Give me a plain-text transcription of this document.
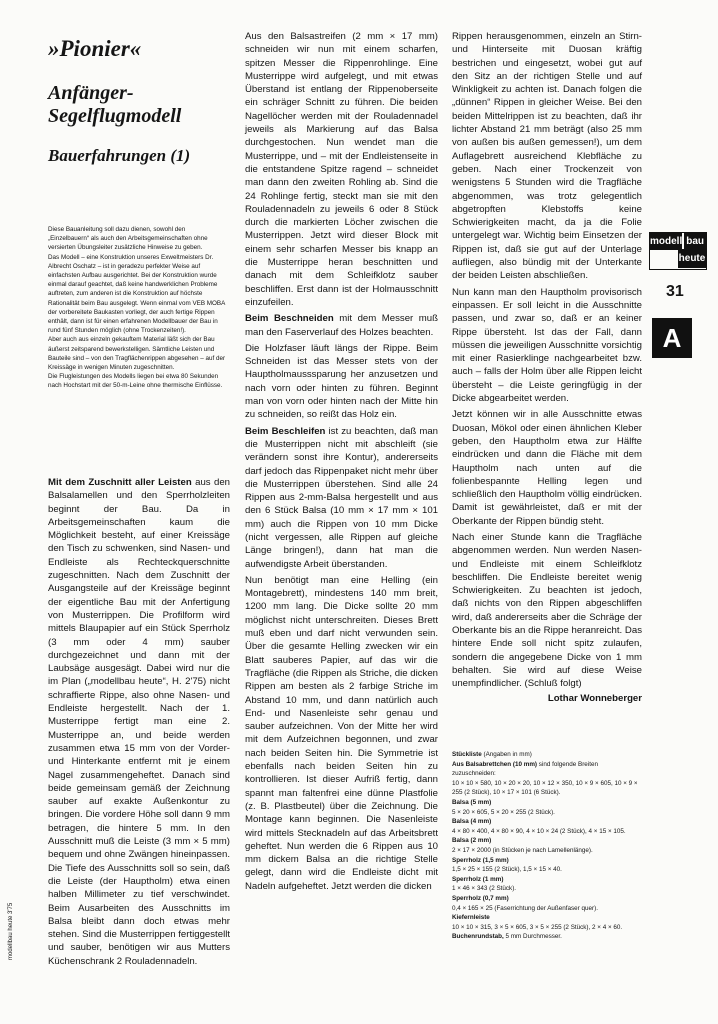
»Pionier«
Anfänger-
Segelflugmodell
Bauerfahrungen (1)

Diese Bauanleitung soll dazu dienen, sowohl den „Einzelbauern“ als auch den Arbeitsgemeinschaften ohne versierten Übungsleiter zusätzliche Hinweise zu geben.

Das Modell – eine Konstruktion unseres Exweltmeisters Dr. Albrecht Oschatz – ist in geradezu perfekter Weise auf einfachsten Aufbau ausgerichtet. Bei der Konstruktion wurde einmal darauf geachtet, daß keine handwerklichen Probleme auftreten, zum anderen ist die Konstruktion auf höchste Rationalität beim Bau ausgelegt. Wenn einmal vom VEB MOBA der vorbereitete Baukasten vorliegt, der auch fertige Rippen enthält, dann ist für einen erfahrenen Modellbauer der Bau in rund fünf Stunden möglich (ohne Trockenzeiten!).

Aber auch aus einzeln gekauftem Material läßt sich der Bau äußerst zeitsparend bewerkstelligen. Sämtliche Leisten und Bauteile sind – von den Tragflächenrippen abgesehen – auf der Kreissäge in wenigen Minuten zugeschnitten.

Die Flugleistungen des Modells liegen bei etwa 80 Sekunden nach Hochstart mit der 50-m-Leine ohne thermische Einflüsse.

Mit dem Zuschnitt aller Leisten aus den Balsalamellen und den Sperrholzleiten beginnt der Bau. Da in Arbeitsgemeinschaften kaum die Möglichkeit besteht, auf einer Kreissäge den Tisch zu schwenken, sind Nasen- und Endleiste als Rechteckquerschnitte zugeschnitten. Nach dem Zuschnitt der Ausgangsteile auf der Kreissäge beginnt der eigentliche Bau mit der Anfertigung von Musterrippen. Die Profilform wird mittels Blaupapier auf ein Stück Sperrholz (3 mm oder 4 mm) sauber durchgezeichnet und dann mit der Laubsäge ausgesägt. Dabei wird nur die im Plan („modellbau heute“, H. 2'75) nicht schraffierte Rippe, also ohne Nasen- und Endleiste hergestellt. Nach der 1. Musterrippe fertigt man eine 2. Musterrippe an, und beide werden zusammen etwa 15 mm von der Vorder- und Hinterkante entfernt mit je einem Nagel zusammengeheftet. Danach sind beide gemeinsam gemäß der Zeichnung sauber auf exakte Außenkontur zu bringen. Die vordere Höhe soll dann 9 mm betragen, die hintere 5 mm. In den Ausschnitt muß die Leiste (3 mm × 5 mm) bequem und ohne Zwängen hineinpassen. Die Tiefe des Ausschnitts soll so sein, daß die Leiste (der Hauptholm) etwa einen halben Millimeter zu tief verschwindet. Beim Ausarbeiten des Ausschnitts im Balsa bleibt dann doch etwas mehr stehen. Sind die Musterrippen fertiggestellt und sauber, benötigen wir aus Mutters Küchenschrank 2 Rouladennadeln.

Aus den Balsastreifen (2 mm × 17 mm) schneiden wir nun mit einem scharfen, spitzen Messer die Rippenrohlinge. Eine Musterrippe wird aufgelegt, und mit etwas Überstand ist entlang der Rippenoberseite ein schräger Schnitt zu führen. Die beiden Nagellöcher werden mit der Rouladennadel jeweils als Markierung auf das Balsa durchgestochen. Nun wendet man die Musterrippe, und – mit der Endleistenseite in die entstandene Spitze ragend – schneidet man dann den zweiten Rohling ab. Sind die 24 Rohlinge fertig, steckt man sie mit den Rouladennadeln zu jeweils 6 oder 8 Stück durch die markierten Löcher zwischen die Musterrippen. Jetzt wird dieser Block mit einem sehr scharfen Messer bis knapp an die Musterrippe heran beschnitten und danach mit dem Schleifklotz sauber beschliffen. Erst dann ist der Holmausschnitt einzufeilen.

Beim Beschneiden mit dem Messer muß man den Faserverlauf des Holzes beachten.

Die Holzfaser läuft längs der Rippe. Beim Schneiden ist das Messer stets von der Hauptholmausssparung her anzusetzen und nach vorn oder hinten zu führen. Beginnt man von vorn oder hinten nach der Mitte hin zu schneiden, so reißt das Holz ein.

Beim Beschleifen ist zu beachten, daß man die Musterrippen nicht mit abschleift (sie verändern sonst ihre Kontur), andererseits darf jedoch das Rippenpaket nicht mehr über die Musterrippen überstehen. Sind alle 24 Rippen aus 2-mm-Balsa hergestellt und aus den 6 Stück Balsa (10 mm × 17 mm × 101 mm) auch die Rippen von 10 mm Dicke (nicht vergessen, alle Rippen auf gleiche Länge bringen!), dann hat man die aufwendigste Arbeit überstanden.

Nun benötigt man eine Helling (ein Montagebrett), mindestens 140 mm breit, 1200 mm lang. Die Dicke sollte 20 mm möglichst nicht unterschreiten. Dieses Brett muß eben und darf nicht verwunden sein. Über die gesamte Helling zwecken wir ein Blatt sauberes Papier, auf das wir die Tragfläche (die Rippen als Striche, die dicken Rippen am besten als 2 farbige Striche im Abstand 10 mm, und dann natürlich auch End- und Nasenleiste sehr genau und sauber aufzeichnen. Von der Mitte her wird mit dem Aufzeichnen begonnen, und zwar nach beiden Seiten hin. Die Symmetrie ist ebenfalls nach beiden Seiten hin zu kontrollieren. Ist dieser Aufriß fertig, dann spannt man faltenfrei eine dünne Plastfolie (z. B. Plastbeutel) über die Zeichnung. Die Montage kann beginnen. Die Nasenleiste wird mittels Stecknadeln auf das Arbeitsbrett geheftet. Nun werden die 6 Rippen aus 10 mm dickem Balsa an die richtige Stelle gelegt, dann wird die Endleiste dicht mit Nadeln aufgeheftet. Jetzt werden die dicken

Rippen herausgenommen, einzeln an Stirn- und Hinterseite mit Duosan kräftig bestrichen und eingesetzt, wobei gut auf den Sitz an der richtigen Stelle und auf Winkligkeit zu achten ist. Danach folgen die „dünnen“ Rippen in gleicher Weise. Bei den beiden Mittelrippen ist zu beachten, daß ihr lichter Abstand 21 mm beträgt (also 25 mm von außen bis außen gemessen!), um dem Auflagebrett ausreichend Klebfläche zu geben. Nach einer Trockenzeit von wenigstens 5 Stunden wird die Tragfläche abgenommen, was trotz gelegentlich abgetropften Klebstoffs keine Schwierigkeiten macht, da ja die Folie untergelegt war. Wichtig beim Einsetzen der Rippen ist, daß sie gut auf der Unterlage aufliegen, also bündig mit der Unterkante der beiden Leisten abschließen.

Nun kann man den Hauptholm provisorisch einpassen. Er soll leicht in die Ausschnitte passen, und zwar so, daß er an keiner Rippe übersteht. Ist das der Fall, dann müssen die jeweiligen Ausschnitte vorsichtig mit einer Rasierklinge nachgearbeitet bzw. auch – falls der Holm über alle Rippen leicht übersteht – die Leiste geringfügig in der Dicke abgearbeitet werden.

Jetzt können wir in alle Ausschnitte etwas Duosan, Mökol oder einen ähnlichen Kleber geben, den Hauptholm etwa zur Hälfte eindrücken und dann die Fläche mit dem Hauptholm nach unten auf die folienbespannte Helling legen und schließlich den Hauptholm völlig eindrücken. Damit ist gewährleistet, daß er mit der Oberkante der Rippen bündig steht.

Nach einer Stunde kann die Tragfläche abgenommen werden. Nun werden Nasen- und Endleiste mit einem Schleifklotz beschliffen. Die Endleiste bereitet wenig Schwierigkeiten. Zu beachten ist jedoch, daß nichts von den Rippen abgeschliffen wird, daß andererseits aber die Schräge der Oberkante bis an die Rippe heranreicht. Das hintere Ende soll nicht spitz zulaufen, sondern die angegebene Dicke von 1 mm behalten. Sie wird auf diese Weise unempfindlicher. (Schluß folgt)

Lothar Wonneberger
Stückliste (Angaben in mm)
Aus Balsabrettchen (10 mm) sind folgende Breiten zuzuschneiden:
10 × 10 × 580, 10 × 20 × 20, 10 × 12 × 350, 10 × 9 × 605, 10 × 9 × 255 (2 Stück), 10 × 17 × 101 (6 Stück).
Balsa (5 mm)
5 × 20 × 605, 5 × 20 × 255 (2 Stück).
Balsa (4 mm)
4 × 80 × 400, 4 × 80 × 90, 4 × 10 × 24 (2 Stück), 4 × 15 × 105.
Balsa (2 mm)
2 × 17 × 2000 (in Stücken je nach Lamellenlänge).
Sperrholz (1,5 mm)
1,5 × 25 × 155 (2 Stück), 1,5 × 15 × 40.
Sperrholz (1 mm)
1 × 46 × 343 (2 Stück).
Sperrholz (0,7 mm)
0,4 × 165 × 25 (Faserrichtung der Außenfaser quer).
Kiefernleiste
10 × 10 × 315, 3 × 5 × 605, 3 × 5 × 255 (2 Stück), 2 × 4 × 60.
Buchenrundstab, 5 mm Durchmesser.
modellbau heute 3'75
modell bau
heute
31
A
